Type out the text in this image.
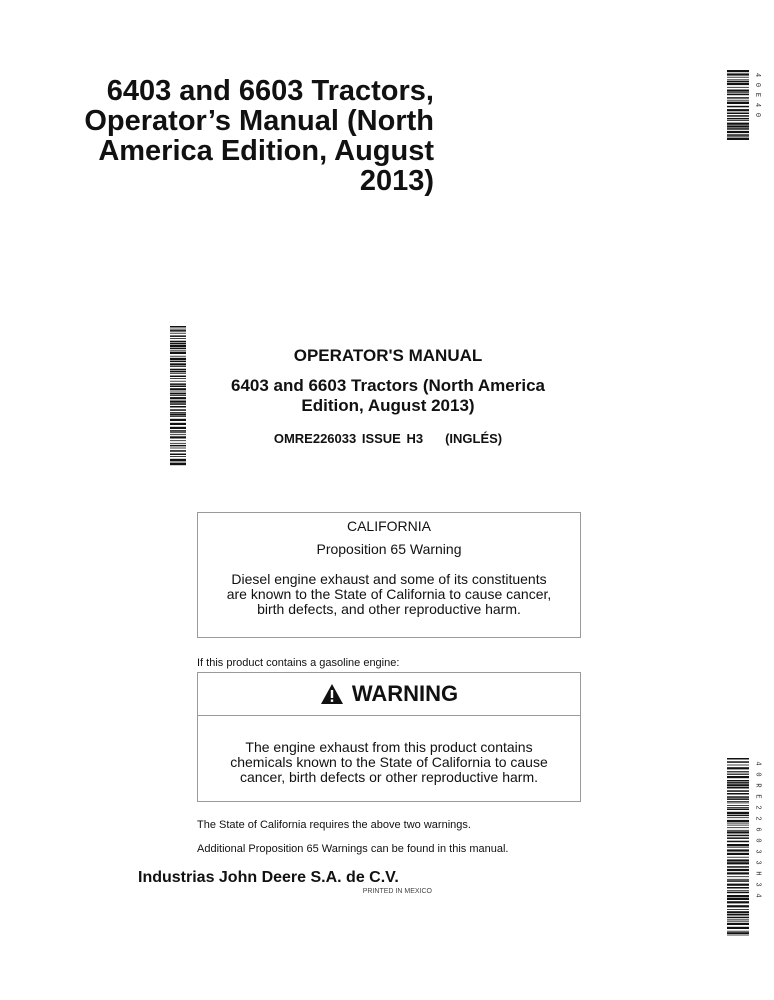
6403 and 6603 Tractors,
Operator’s Manual (North
America Edition, August
2013)
4
0
E
4
0
4
0
R
E
2
2
6
0
3
3
H
3
4
OPERATOR'S MANUAL
6403 and 6603 Tractors (North America
Edition, August 2013)
OMRE226033 ISSUE H3 (INGLÉS)
CALIFORNIA
Proposition 65 Warning
Diesel engine exhaust and some of its constituents
are known to the State of California to cause cancer,
birth defects, and other reproductive harm.
If this product contains a gasoline engine:
WARNING
The engine exhaust from this product contains
chemicals known to the State of California to cause
cancer, birth defects or other reproductive harm.
The State of California requires the above two warnings.
Additional Proposition 65 Warnings can be found in this manual.
Industrias John Deere S.A. de C.V.
PRINTED IN MEXICO
